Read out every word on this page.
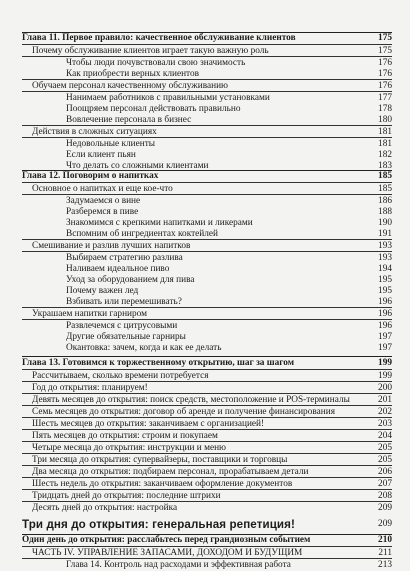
Глава 11. Первое правило: качественное обслуживание клиентов	175
Почему обслуживание клиентов играет такую важную роль	175
Чтобы люди почувствовали свою значимость	176
Как приобрести верных клиентов	176
Обучаем персонал качественному обслуживанию	176
Нанимаем работников с правильными установками	177
Поощряем персонал действовать правильно	178
Вовлечение персонала в бизнес	180
Действия в сложных ситуациях	181
Недовольные клиенты	181
Если клиент пьян	182
Что делать со сложными клиентами	183
Глава 12. Поговорим о напитках	185
Основное о напитках и еще кое-что	185
Задумаемся о вине	186
Разберемся в пиве	188
Знакомимся с крепкими напитками и ликерами	190
Вспомним об ингредиентах коктейлей	191
Смешивание и разлив лучших напитков	193
Выбираем стратегию разлива	193
Наливаем идеальное пиво	194
Уход за оборудованием для пива	195
Почему важен лед	195
Взбивать или перемешивать?	196
Украшаем напитки гарниром	196
Развлечемся с цитрусовыми	196
Другие обязательные гарниры	197
Окантовка: зачем, когда и как ее делать	197
Глава 13. Готовимся к торжественному открытию, шаг за шагом	199
Рассчитываем, сколько времени потребуется	199
Год до открытия: планируем!	200
Девять месяцев до открытия: поиск средств, местоположение и POS-терминалы	201
Семь месяцев до открытия: договор об аренде и получение финансирования	202
Шесть месяцев до открытия: заканчиваем с организацией!	203
Пять месяцев до открытия: строим и покупаем	204
Четыре месяца до открытия: инструкции и меню	205
Три месяца до открытия: супервайзеры, поставщики и торговцы	205
Два месяца до открытия: подбираем персонал, прорабатываем детали	206
Шесть недель до открытия: заканчиваем оформление документов	207
Тридцать дней до открытия: последние штрихи	208
Десять дней до открытия: настройка	209
Три дня до открытия: генеральная репетиция!	209
Один день до открытия: расслабьтесь перед грандиозным событием	210
ЧАСТЬ IV. УПРАВЛЕНИЕ ЗАПАСАМИ, ДОХОДОМ И БУДУЩИМ	211
Глава 14. Контроль над расходами и эффективная работа	213
